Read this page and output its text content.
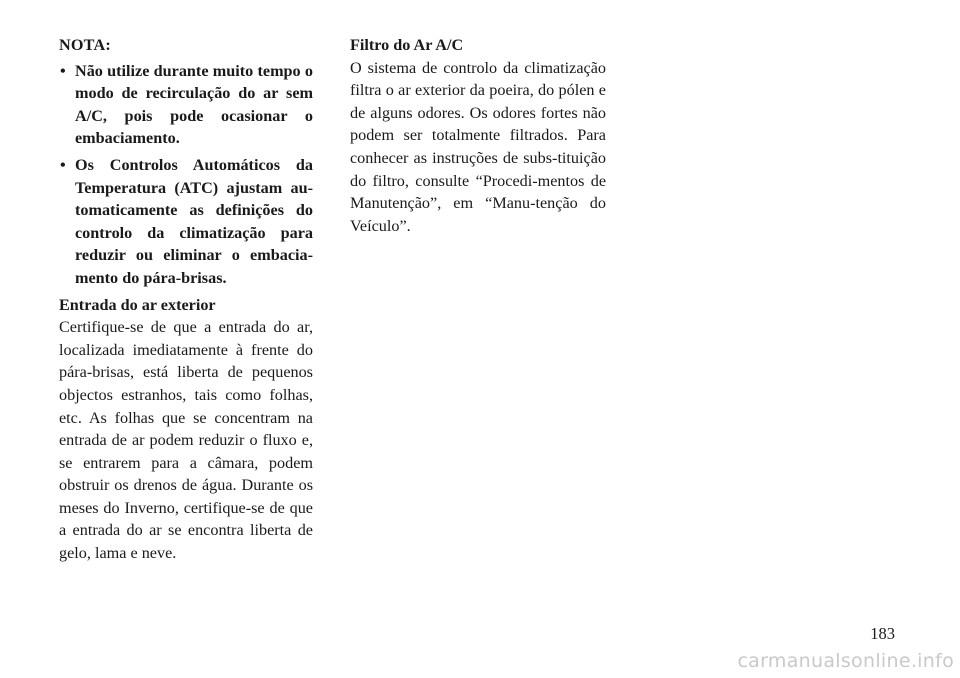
NOTA:

• Não utilize durante muito tempo o modo de recirculação do ar sem A/C, pois pode ocasionar o embaciamento.
• Os Controlos Automáticos da Temperatura (ATC) ajustam au-tomaticamente as definições do controlo da climatização para reduzir ou eliminar o embacia-mento do pára-brisas.

Entrada do ar exterior

Certifique-se de que a entrada do ar, localizada imediatamente à frente do pára-brisas, está liberta de pequenos objectos estranhos, tais como folhas, etc. As folhas que se concentram na entrada de ar podem reduzir o fluxo e, se entrarem para a câmara, podem obstruir os drenos de água. Durante os meses do Inverno, certifique-se de que a entrada do ar se encontra liberta de gelo, lama e neve.

Filtro do Ar A/C

O sistema de controlo da climatização filtra o ar exterior da poeira, do pólen e de alguns odores. Os odores fortes não podem ser totalmente filtrados. Para conhecer as instruções de subs-tituição do filtro, consulte “Procedi-mentos de Manutenção”, em “Manu-tenção do Veículo”.

183
carmanualsonline.info
